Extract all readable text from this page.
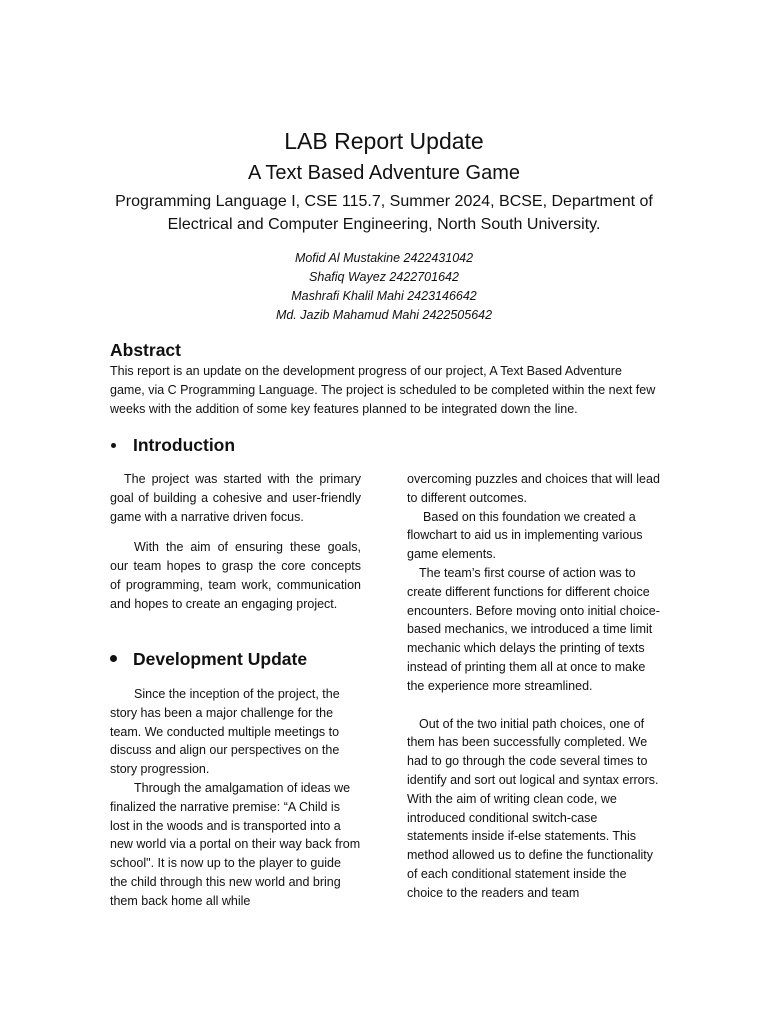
LAB Report Update
A Text Based Adventure Game
Programming Language I, CSE 115.7, Summer 2024, BCSE, Department of Electrical and Computer Engineering, North South University.
Mofid Al Mustakine 2422431042
Shafiq Wayez 2422701642
Mashrafi Khalil Mahi 2423146642
Md. Jazib Mahamud Mahi 2422505642
Abstract
This report is an update on the development progress of our project, A Text Based Adventure game, via C Programming Language. The project is scheduled to be completed within the next few weeks with the addition of some key features planned to be integrated down the line.
Introduction

The project was started with the primary goal of building a cohesive and user-friendly game with a narrative driven focus.

With the aim of ensuring these goals, our team hopes to grasp the core concepts of programming, team work, communication and hopes to create an engaging project.

Development Update

Since the inception of the project, the story has been a major challenge for the team. We conducted multiple meetings to discuss and align our perspectives on the story progression.

Through the amalgamation of ideas we finalized the narrative premise: “A Child is lost in the woods and is transported into a new world via a portal on their way back from school". It is now up to the player to guide the child through this new world and bring them back home all while

overcoming puzzles and choices that will lead to different outcomes.

Based on this foundation we created a flowchart to aid us in implementing various game elements.

The team’s first course of action was to create different functions for different choice encounters. Before moving onto initial choice-based mechanics, we introduced a time limit mechanic which delays the printing of texts instead of printing them all at once to make the experience more streamlined.

Out of the two initial path choices, one of them has been successfully completed. We had to go through the code several times to identify and sort out logical and syntax errors. With the aim of writing clean code, we introduced conditional switch-case statements inside if-else statements. This method allowed us to define the functionality of each conditional statement inside the choice to the readers and team
